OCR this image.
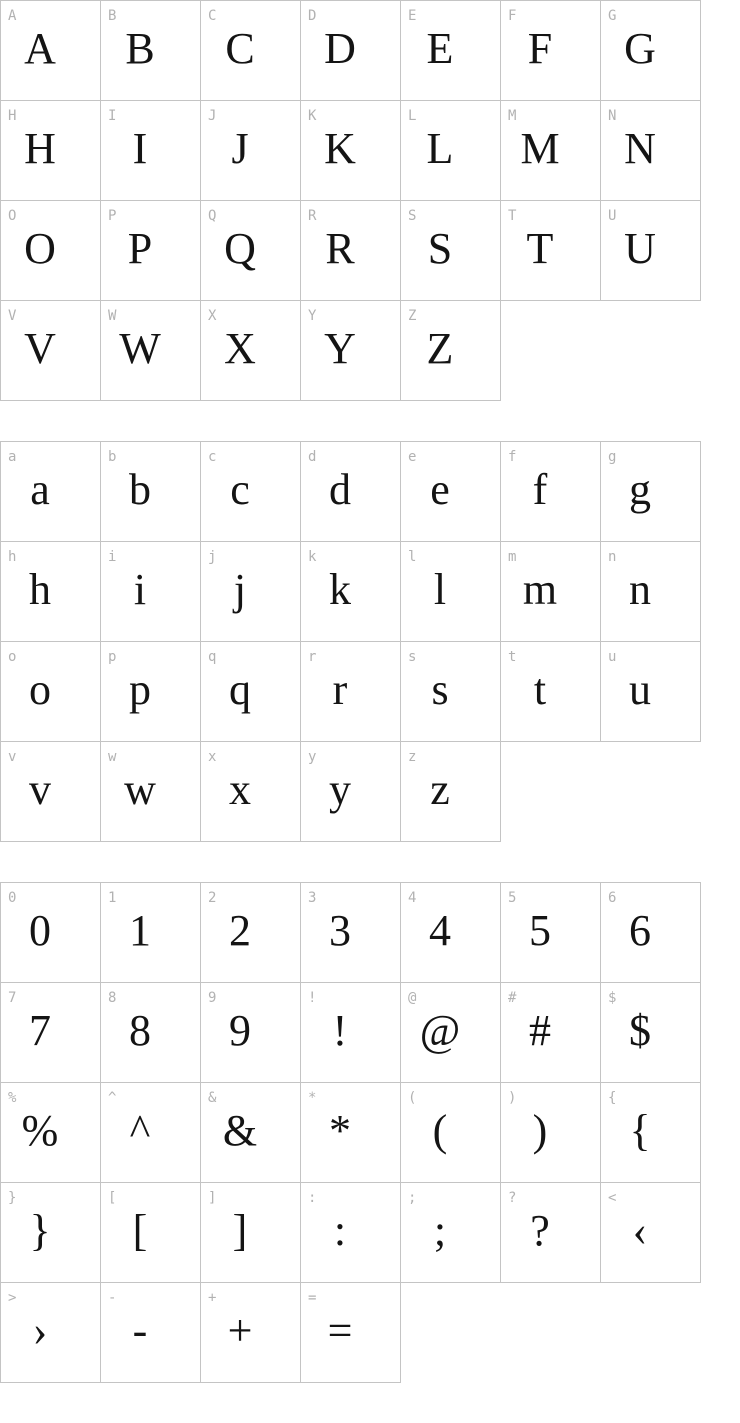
A
A
B
B
C
C
D
D
E
E
F
F
G
G
H
H
I
I
J
J
K
K
L
L
M
M
N
N
O
O
P
P
Q
Q
R
R
S
S
T
T
U
U
V
V
W
W
X
X
Y
Y
Z
Z

a
a
b
b
c
c
d
d
e
e
f
f
g
g
h
h
i
i
j
j
k
k
l
l
m
m
n
n
o
o
p
p
q
q
r
r
s
s
t
t
u
u
v
v
w
w
x
x
y
y
z
z

0
0
1
1
2
2
3
3
4
4
5
5
6
6
7
7
8
8
9
9
!
!
@
@
#
#
$
$
%
%
^
^
&
&
*
*
(
(
)
)
{
{
}
}
[
[
]
]
:
:
;
;
?
?
<
‹
>
›
-
-
+
+
=
=
